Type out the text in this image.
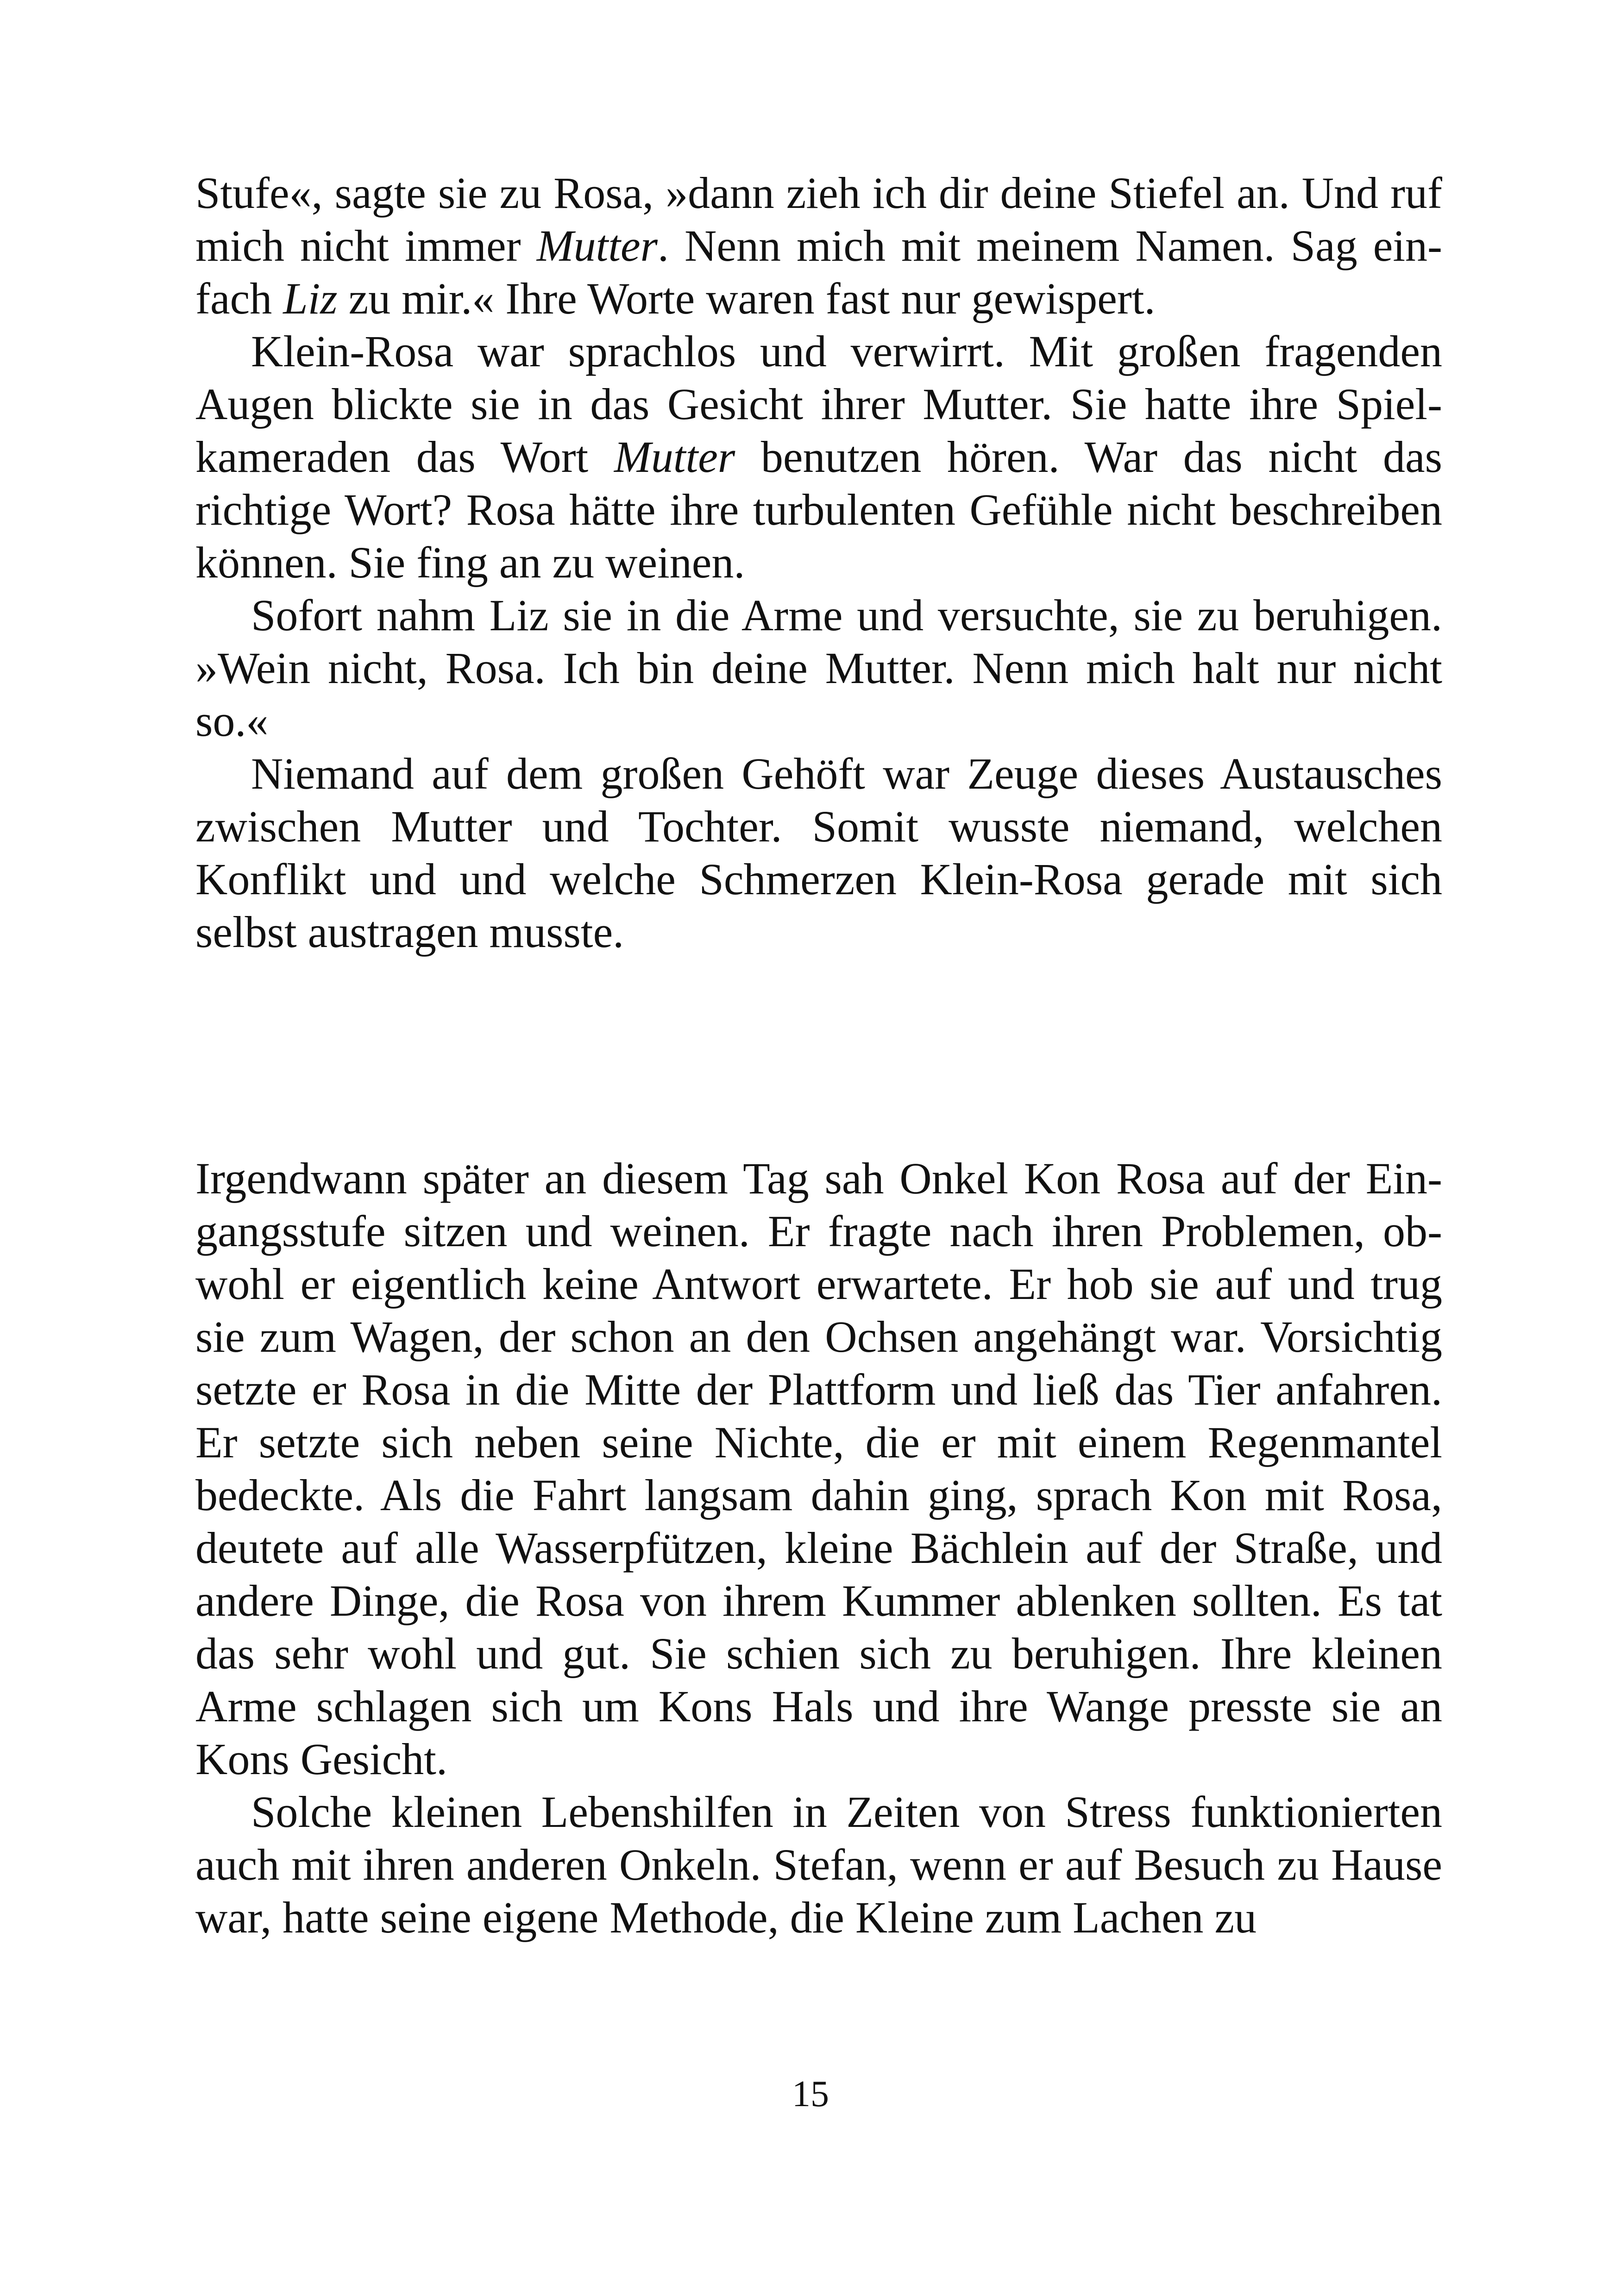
Stufe«, sagte sie zu Rosa, »dann zieh ich dir deine Stiefel an. Und ruf mich nicht immer Mutter. Nenn mich mit meinem Namen. Sag einfach Liz zu mir.« Ihre Worte waren fast nur gewispert.

Klein-Rosa war sprachlos und verwirrt. Mit großen fragenden Augen blickte sie in das Gesicht ihrer Mutter. Sie hatte ihre Spielkameraden das Wort Mutter benutzen hören. War das nicht das richtige Wort? Rosa hätte ihre turbulenten Gefühle nicht beschreiben können. Sie fing an zu weinen.

Sofort nahm Liz sie in die Arme und versuchte, sie zu beruhigen. »Wein nicht, Rosa. Ich bin deine Mutter. Nenn mich halt nur nicht so.«

Niemand auf dem großen Gehöft war Zeuge dieses Austausches zwischen Mutter und Tochter. Somit wusste niemand, welchen Konflikt und und welche Schmerzen Klein-Rosa gerade mit sich selbst austragen musste.

Irgendwann später an diesem Tag sah Onkel Kon Rosa auf der Eingangsstufe sitzen und weinen. Er fragte nach ihren Problemen, obwohl er eigentlich keine Antwort erwartete. Er hob sie auf und trug sie zum Wagen, der schon an den Ochsen angehängt war. Vorsichtig setzte er Rosa in die Mitte der Plattform und ließ das Tier anfahren. Er setzte sich neben seine Nichte, die er mit einem Regenmantel bedeckte. Als die Fahrt langsam dahin ging, sprach Kon mit Rosa, deutete auf alle Wasserpfützen, kleine Bächlein auf der Straße, und andere Dinge, die Rosa von ihrem Kummer ablenken sollten. Es tat das sehr wohl und gut. Sie schien sich zu beruhigen. Ihre kleinen Arme schlagen sich um Kons Hals und ihre Wange presste sie an Kons Gesicht.

Solche kleinen Lebenshilfen in Zeiten von Stress funktionierten auch mit ihren anderen Onkeln. Stefan, wenn er auf Besuch zu Hause war, hatte seine eigene Methode, die Kleine zum Lachen zu

15
